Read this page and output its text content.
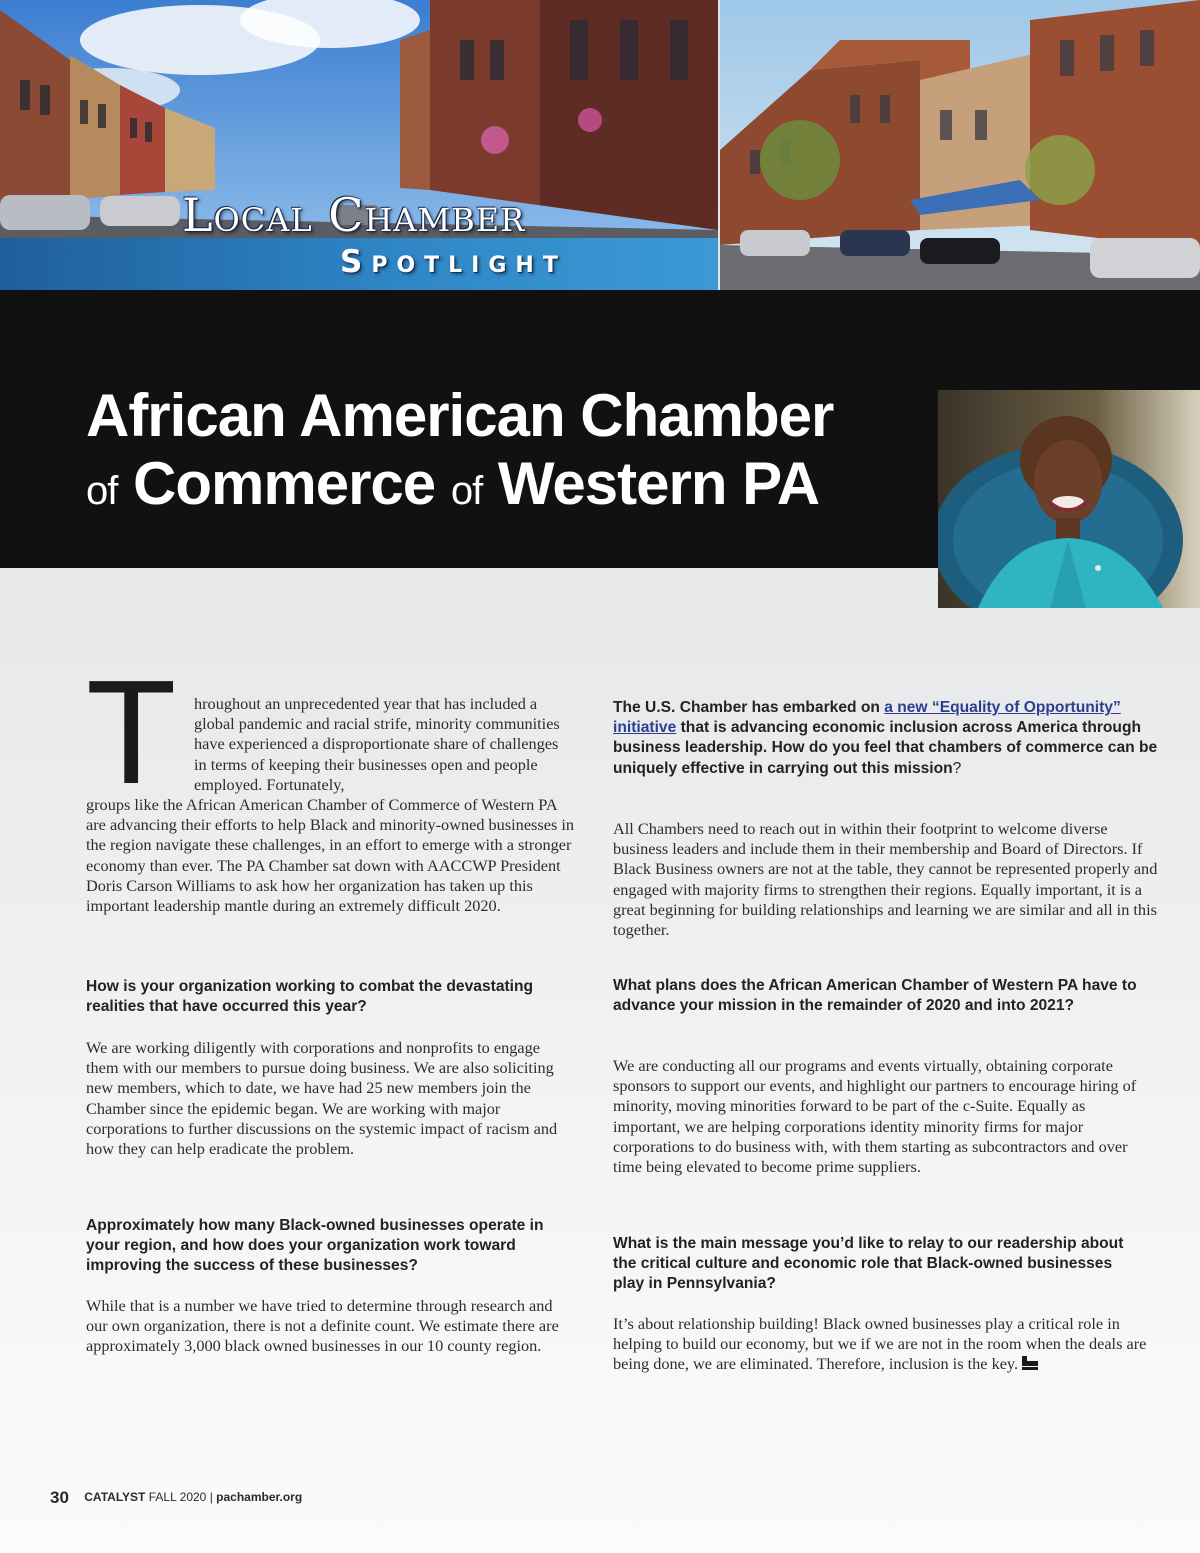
Local Chamber
Spotlight
African American Chamber
of Commerce of Western PA
T hroughout an unprecedented year that has included a global pandemic and racial strife, minority communities have experienced a disproportionate share of challenges in terms of keeping their businesses open and people employed. Fortunately,

groups like the African American Chamber of Commerce of Western PA are advancing their efforts to help Black and minority-owned businesses in the region navigate these challenges, in an effort to emerge with a stronger economy than ever. The PA Chamber sat down with AACCWP President Doris Carson Williams to ask how her organization has taken up this important leadership mantle during an extremely difficult 2020.

How is your organization working to combat the devastating realities that have occurred this year?

We are working diligently with corporations and nonprofits to engage them with our members to pursue doing business. We are also soliciting new members, which to date, we have had 25 new members join the Chamber since the epidemic began. We are working with major corporations to further discussions on the systemic impact of racism and how they can help eradicate the problem.

Approximately how many Black-owned businesses operate in your region, and how does your organization work toward improving the success of these businesses?

While that is a number we have tried to determine through research and our own organization, there is not a definite count. We estimate there are approximately 3,000 black owned businesses in our 10 county region.

The U.S. Chamber has embarked on a new “Equality of Opportunity” initiative that is advancing economic inclusion across America through business leadership. How do you feel that chambers of commerce can be uniquely effective in carrying out this mission?

All Chambers need to reach out in within their footprint to welcome diverse business leaders and include them in their membership and Board of Directors. If Black Business owners are not at the table, they cannot be represented properly and engaged with majority firms to strengthen their regions. Equally important, it is a great beginning for building relationships and learning we are similar and all in this together.

What plans does the African American Chamber of Western PA have to advance your mission in the remainder of 2020 and into 2021?

We are conducting all our programs and events virtually, obtaining corporate sponsors to support our events, and highlight our partners to encourage hiring of minority, moving minorities forward to be part of the c-Suite. Equally as important, we are helping corporations identity minority firms for major corporations to do business with, with them starting as subcontractors and over time being elevated to become prime suppliers.

What is the main message you’d like to relay to our readership about the critical culture and economic role that Black-owned businesses play in Pennsylvania?

It’s about relationship building! Black owned businesses play a critical role in helping to build our economy, but we if we are not in the room when the deals are being done, we are eliminated. Therefore, inclusion is the key.

30 CATALYST FALL 2020 | pachamber.org
